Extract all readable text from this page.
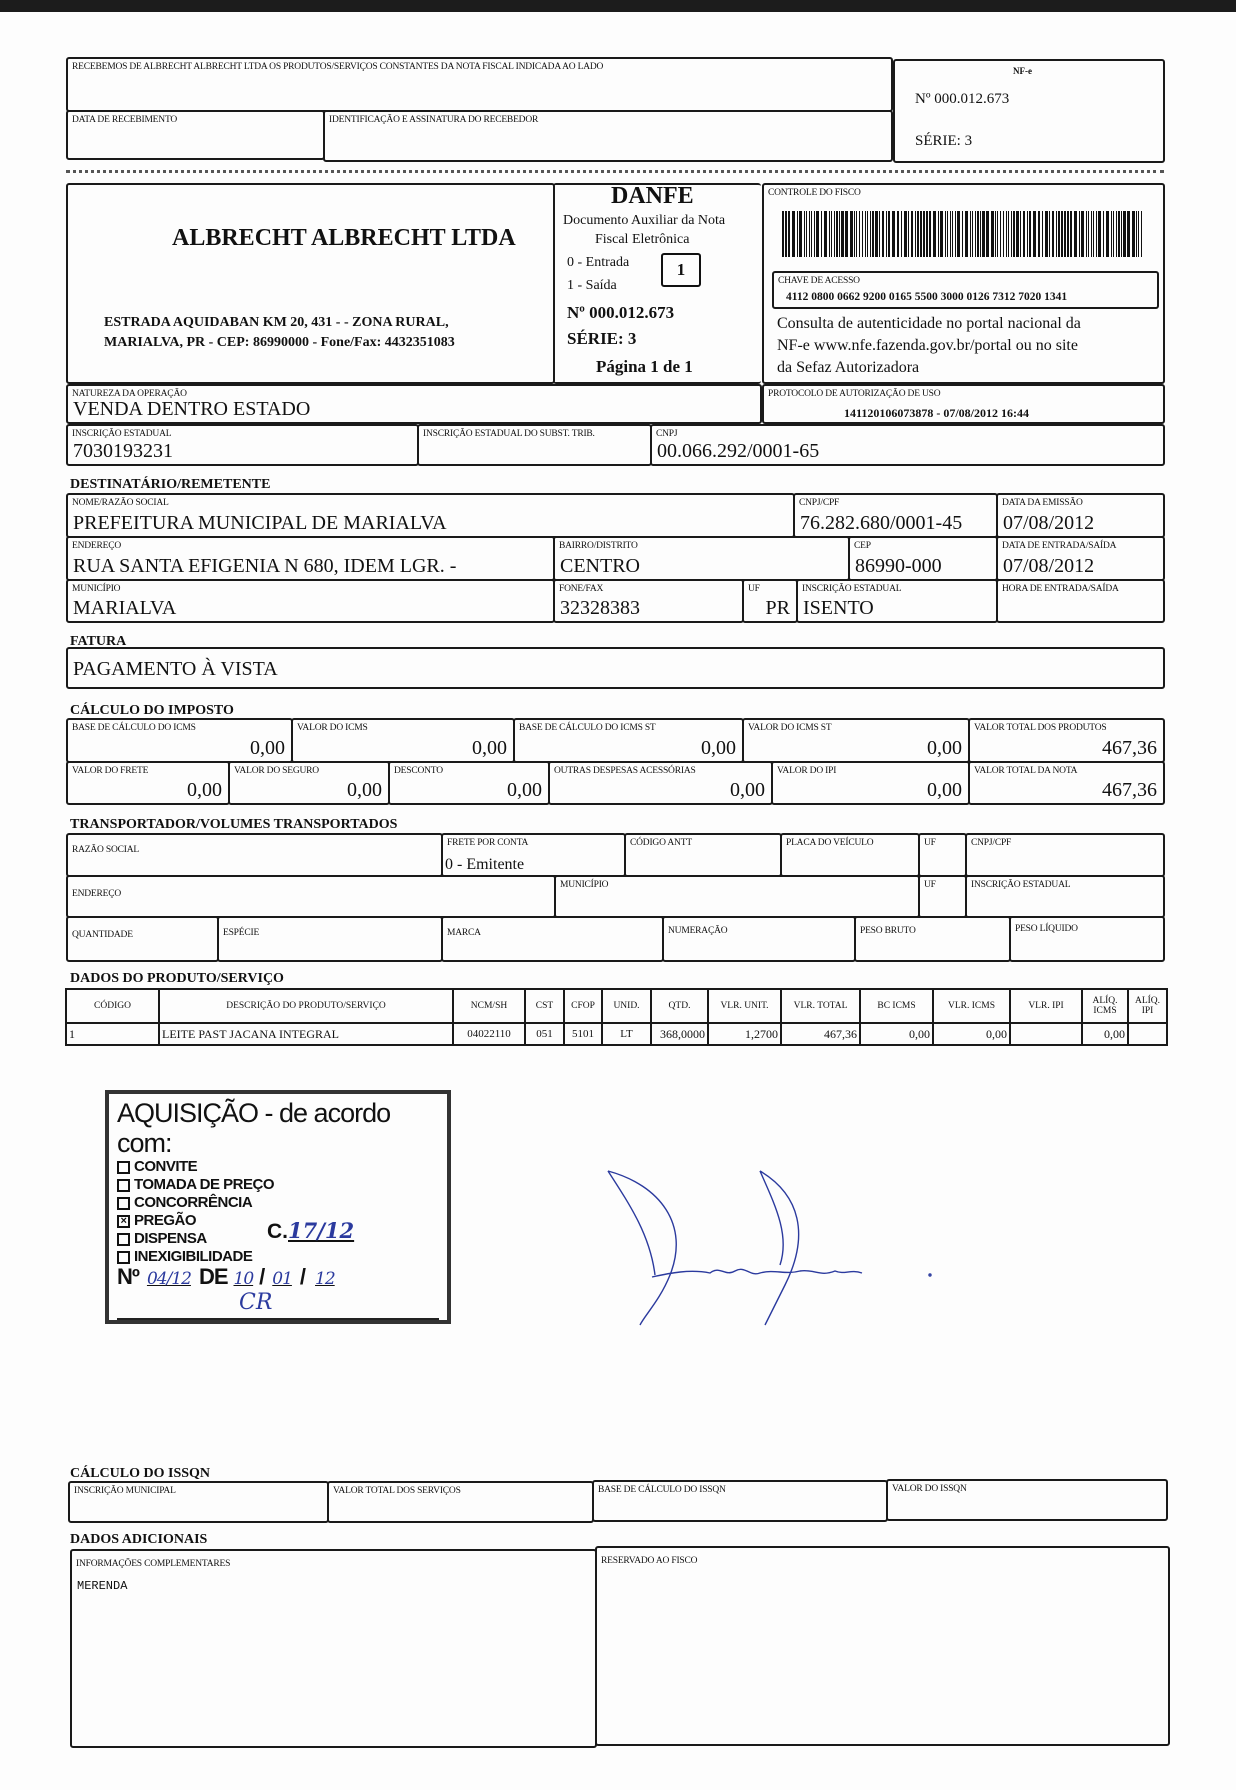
RECEBEMOS DE ALBRECHT ALBRECHT LTDA OS PRODUTOS/SERVIÇOS CONSTANTES DA NOTA FISCAL INDICADA AO LADO
DATA DE RECEBIMENTO	IDENTIFICAÇÃO E ASSINATURA DO RECEBEDOR
NF-e
Nº 000.012.673
SÉRIE: 3
ALBRECHT ALBRECHT LTDA
ESTRADA AQUIDABAN KM 20, 431 - - ZONA RURAL,
MARIALVA, PR - CEP: 86990000 - Fone/Fax: 4432351083
DANFE
Documento Auxiliar da Nota
Fiscal Eletrônica
0 - Entrada
1 - Saída
1
Nº 000.012.673
SÉRIE: 3
Página 1 de 1
CONTROLE DO FISCO
CHAVE DE ACESSO
4112 0800 0662 9200 0165 5500 3000 0126 7312 7020 1341
Consulta de autenticidade no portal nacional da
NF-e www.nfe.fazenda.gov.br/portal ou no site
da Sefaz Autorizadora
NATUREZA DA OPERAÇÃO
VENDA DENTRO ESTADO
PROTOCOLO DE AUTORIZAÇÃO DE USO
141120106073878 - 07/08/2012 16:44
INSCRIÇÃO ESTADUAL
7030193231
INSCRIÇÃO ESTADUAL DO SUBST. TRIB.	CNPJ
00.066.292/0001-65
DESTINATÁRIO/REMETENTE
NOME/RAZÃO SOCIAL
PREFEITURA MUNICIPAL DE MARIALVA
CNPJ/CPF
76.282.680/0001-45
DATA DA EMISSÃO
07/08/2012
ENDEREÇO
RUA SANTA EFIGENIA N 680, IDEM LGR. -
BAIRRO/DISTRITO
CENTRO
CEP
86990-000
DATA DE ENTRADA/SAÍDA
07/08/2012
MUNICÍPIO
MARIALVA
FONE/FAX
32328383
UF
PR
INSCRIÇÃO ESTADUAL
ISENTO
HORA DE ENTRADA/SAÍDA
FATURA
PAGAMENTO À VISTA
CÁLCULO DO IMPOSTO
BASE DE CÁLCULO DO ICMS
0,00
VALOR DO ICMS
0,00
BASE DE CÁLCULO DO ICMS ST
0,00
VALOR DO ICMS ST
0,00
VALOR TOTAL DOS PRODUTOS
467,36
VALOR DO FRETE
0,00
VALOR DO SEGURO
0,00
DESCONTO
0,00
OUTRAS DESPESAS ACESSÓRIAS
0,00
VALOR DO IPI
0,00
VALOR TOTAL DA NOTA
467,36
TRANSPORTADOR/VOLUMES TRANSPORTADOS
RAZÃO SOCIAL
FRETE POR CONTA
0 - Emitente
CÓDIGO ANTT	PLACA DO VEÍCULO	UF	CNPJ/CPF
ENDEREÇO
MUNICÍPIO	UF	INSCRIÇÃO ESTADUAL
QUANTIDADE	ESPÉCIE	MARCA	NUMERAÇÃO	PESO BRUTO	PESO LÍQUIDO
DADOS DO PRODUTO/SERVIÇO
CÓDIGO	DESCRIÇÃO DO PRODUTO/SERVIÇO	NCM/SH	CST	CFOP	UNID.	QTD.	VLR. UNIT.	VLR. TOTAL	BC ICMS	VLR. ICMS	VLR. IPI	ALÍQ. ICMS	ALÍQ. IPI
1	LEITE PAST JACANA INTEGRAL	04022110	051	5101	LT	368,0000	1,2700	467,36	0,00	0,00		0,00	
AQUISIÇÃO - de acordo com:
CONVITE
TOMADA DE PREÇO
CONCORRÊNCIA
× PREGÃO
DISPENSA
INEXIGIBILIDADE
C.17/12
Nº 04/12 DE 10 / 01 / 12
CR
CÁLCULO DO ISSQN
INSCRIÇÃO MUNICIPAL	VALOR TOTAL DOS SERVIÇOS	BASE DE CÁLCULO DO ISSQN	VALOR DO ISSQN
DADOS ADICIONAIS
INFORMAÇÕES COMPLEMENTARES
MERENDA
RESERVADO AO FISCO
